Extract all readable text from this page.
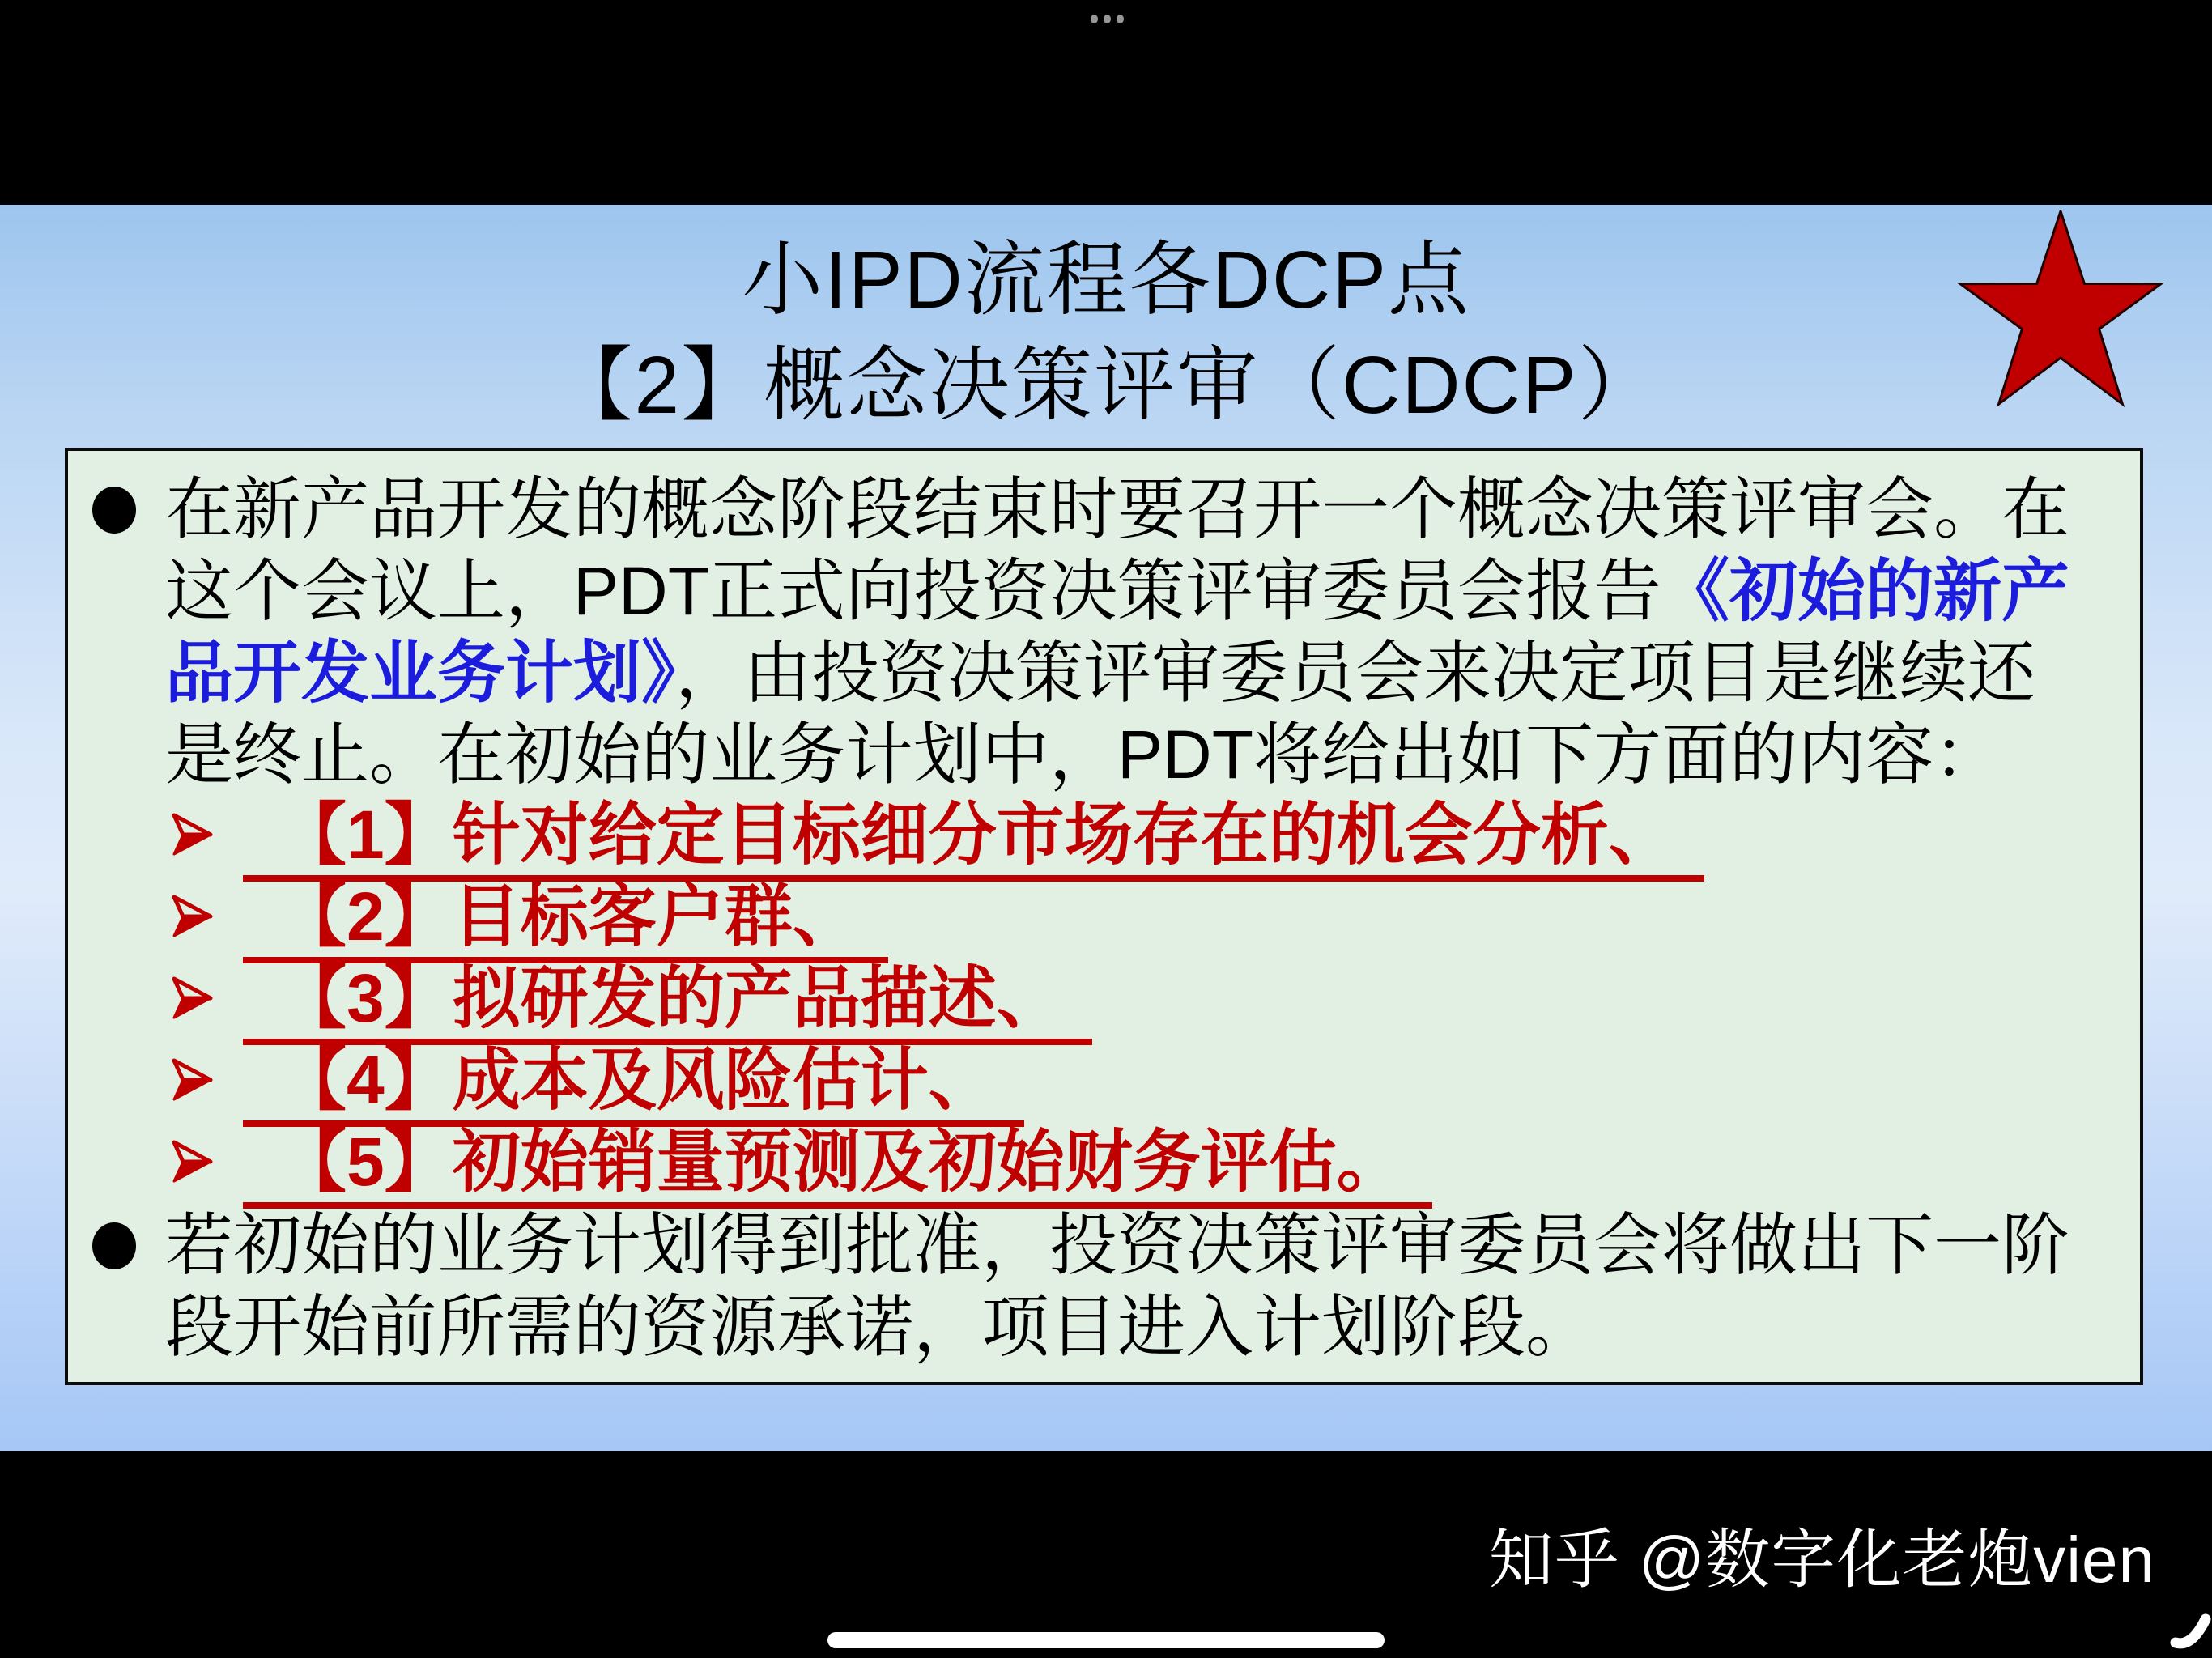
小IPD流程各DCP点
【2】概念决策评审（CDCP）
在新产品开发的概念阶段结束时要召开一个概念决策评审会。在
这个会议上，PDT正式向投资决策评审委员会报告《初始的新产
品开发业务计划》，由投资决策评审委员会来决定项目是继续还
是终止。在初始的业务计划中，PDT将给出如下方面的内容：
【1】针对给定目标细分市场存在的机会分析、
【2】目标客户群、
【3】拟研发的产品描述、
【4】成本及风险估计、
【5】初始销量预测及初始财务评估。
若初始的业务计划得到批准，投资决策评审委员会将做出下一阶
段开始前所需的资源承诺，项目进入计划阶段。
知乎 @数字化老炮vien
